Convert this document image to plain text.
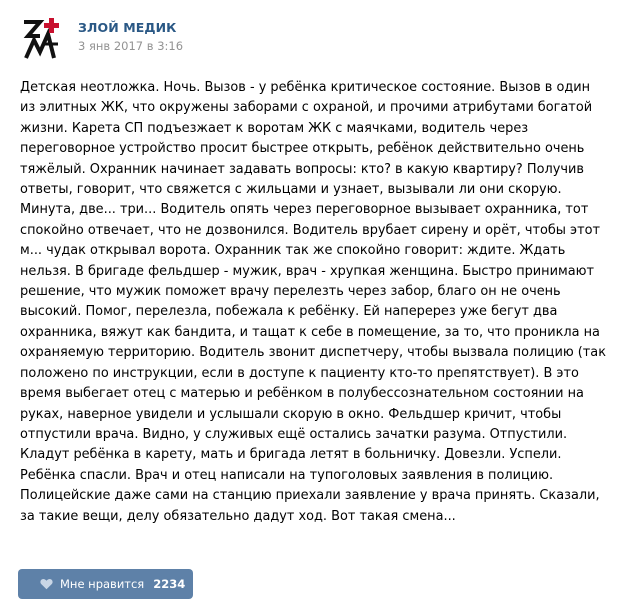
ЗЛОЙ МЕДИК
3 янв 2017 в 3:16
Детская неотложка. Ночь. Вызов - у ребёнка критическое состояние. Вызов в один
из элитных ЖК, что окружены заборами с охраной, и прочими атрибутами богатой
жизни. Карета СП подъезжает к воротам ЖК с маячками, водитель через
переговорное устройство просит быстрее открыть, ребёнок действительно очень
тяжёлый. Охранник начинает задавать вопросы: кто? в какую квартиру? Получив
ответы, говорит, что свяжется с жильцами и узнает, вызывали ли они скорую.
Минута, две... три... Водитель опять через переговорное вызывает охранника, тот
спокойно отвечает, что не дозвонился. Водитель врубает сирену и орёт, чтобы этот
м... чудак открывал ворота. Охранник так же спокойно говорит: ждите. Ждать
нельзя. В бригаде фельдшер - мужик, врач - хрупкая женщина. Быстро принимают
решение, что мужик поможет врачу перелезть через забор, благо он не очень
высокий. Помог, перелезла, побежала к ребёнку. Ей наперерез уже бегут два
охранника, вяжут как бандита, и тащат к себе в помещение, за то, что проникла на
охраняемую территорию. Водитель звонит диспетчеру, чтобы вызвала полицию (так
положено по инструкции, если в доступе к пациенту кто-то препятствует). В это
время выбегает отец с матерью и ребёнком в полубессознательном состоянии на
руках, наверное увидели и услышали скорую в окно. Фельдшер кричит, чтобы
отпустили врача. Видно, у служивых ещё остались зачатки разума. Отпустили.
Кладут ребёнка в карету, мать и бригада летят в больничку. Довезли. Успели.
Ребёнка спасли. Врач и отец написали на тупоголовых заявления в полицию.
Полицейские даже сами на станцию приехали заявление у врача принять. Сказали,
за такие вещи, делу обязательно дадут ход. Вот такая смена...
Мне нравится 2234
